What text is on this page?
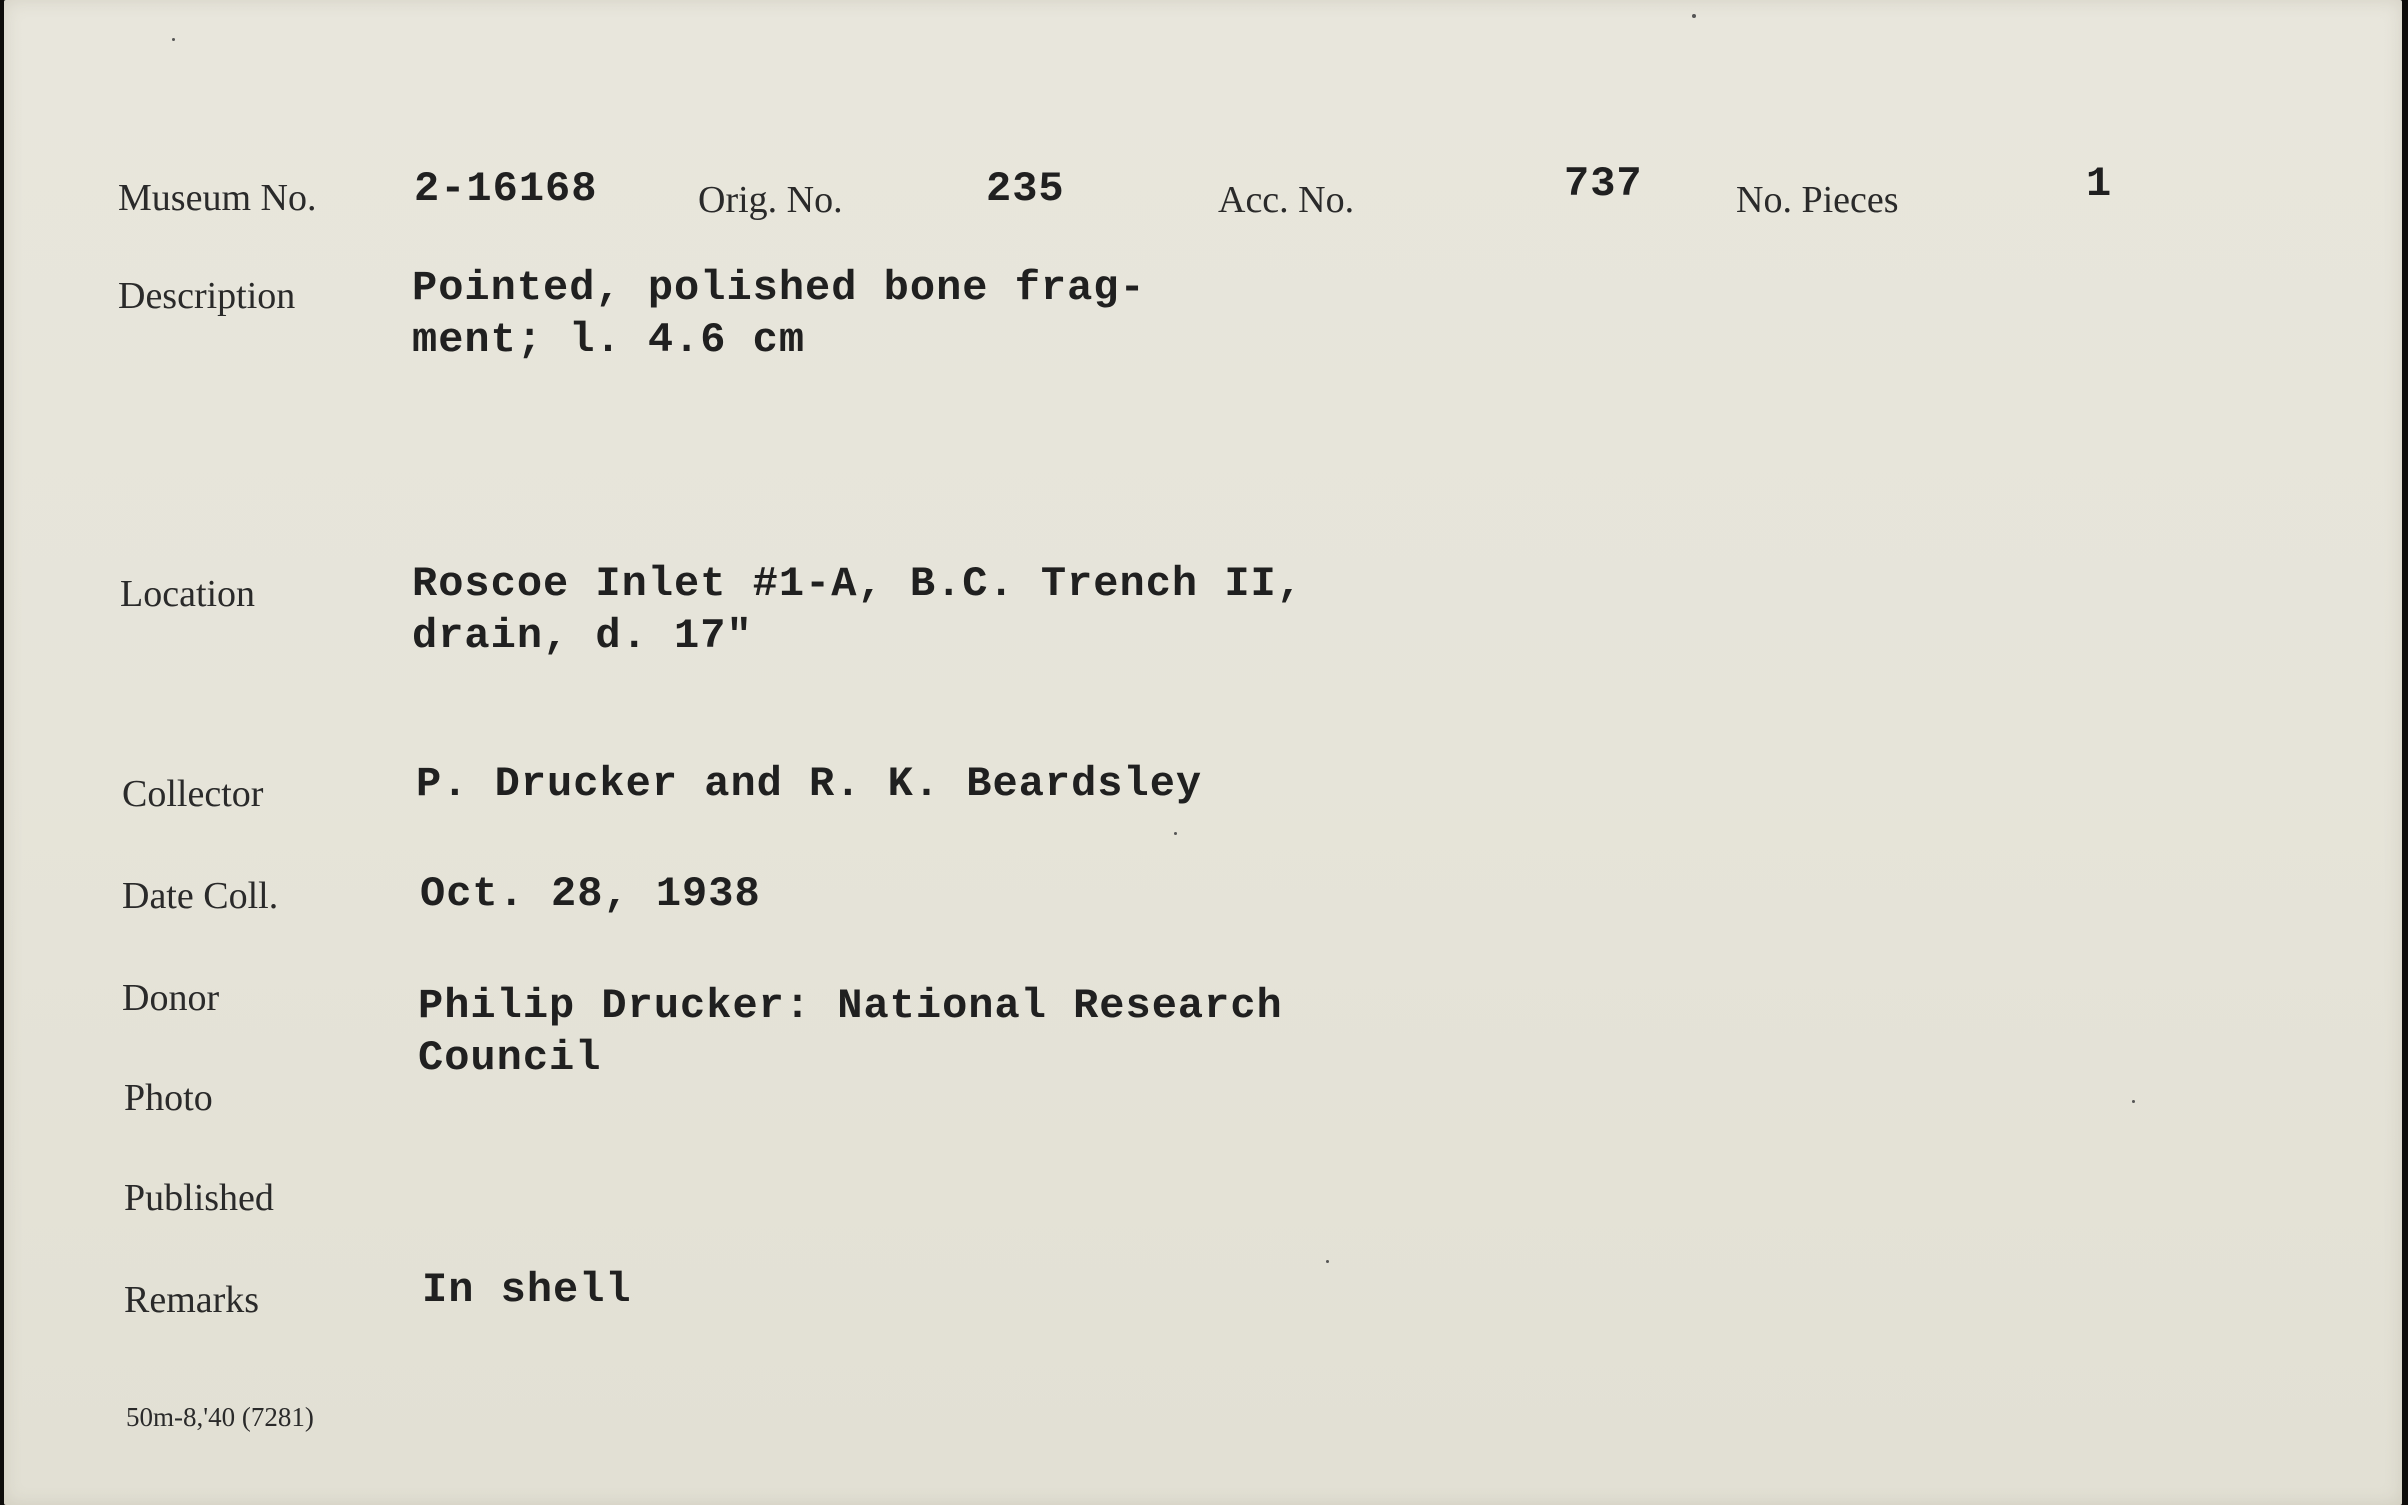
Museum No. 2-16168	Orig. No.	235	Acc. No.	737 No. Pieces	1
Description	Pointed, polished bone frag-
ment; l. 4.6 cm
Location	Roscoe Inlet #1-A, B.C. Trench II,
drain, d. 17"
Collector	P. Drucker and R. K. Beardsley
Date Coll.	Oct. 28, 1938
Donor	Philip Drucker: National Research
Council
Photo
Published
Remarks	In shell
50m-8,'40 (7281)
